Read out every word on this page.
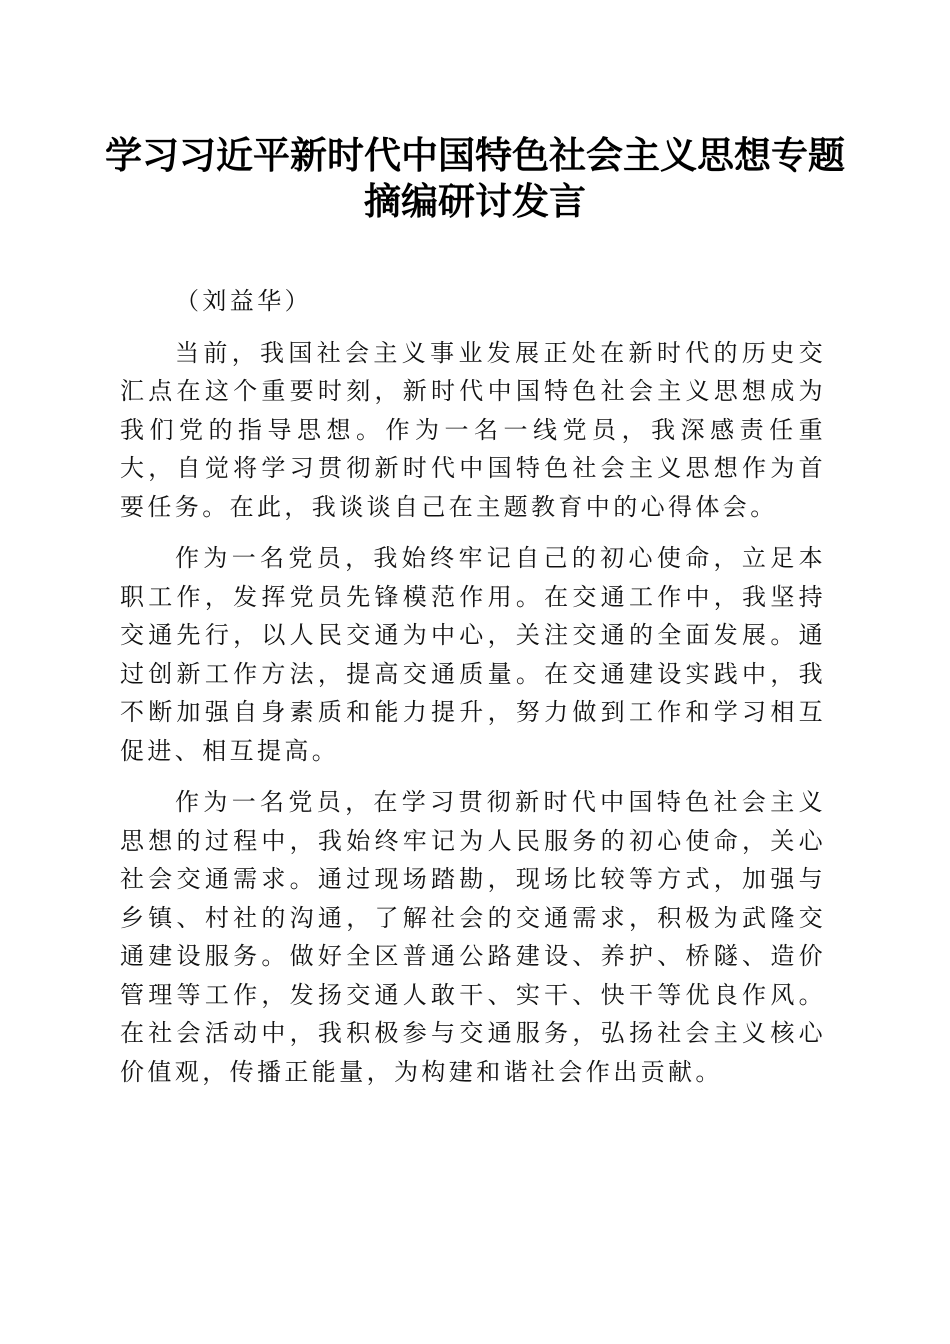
学习习近平新时代中国特色社会主义思想专题
摘编研讨发言

（刘益华）

当前，我国社会主义事业发展正处在新时代的历史交汇点在这个重要时刻，新时代中国特色社会主义思想成为我们党的指导思想。作为一名一线党员，我深感责任重大，自觉将学习贯彻新时代中国特色社会主义思想作为首要任务。在此，我谈谈自己在主题教育中的心得体会。

作为一名党员，我始终牢记自己的初心使命，立足本职工作，发挥党员先锋模范作用。在交通工作中，我坚持交通先行，以人民交通为中心，关注交通的全面发展。通过创新工作方法，提高交通质量。在交通建设实践中，我不断加强自身素质和能力提升，努力做到工作和学习相互促进、相互提高。

作为一名党员，在学习贯彻新时代中国特色社会主义思想的过程中，我始终牢记为人民服务的初心使命，关心社会交通需求。通过现场踏勘，现场比较等方式，加强与乡镇、村社的沟通，了解社会的交通需求，积极为武隆交通建设服务。做好全区普通公路建设、养护、桥隧、造价管理等工作，发扬交通人敢干、实干、快干等优良作风。在社会活动中，我积极参与交通服务，弘扬社会主义核心价值观，传播正能量，为构建和谐社会作出贡献。
